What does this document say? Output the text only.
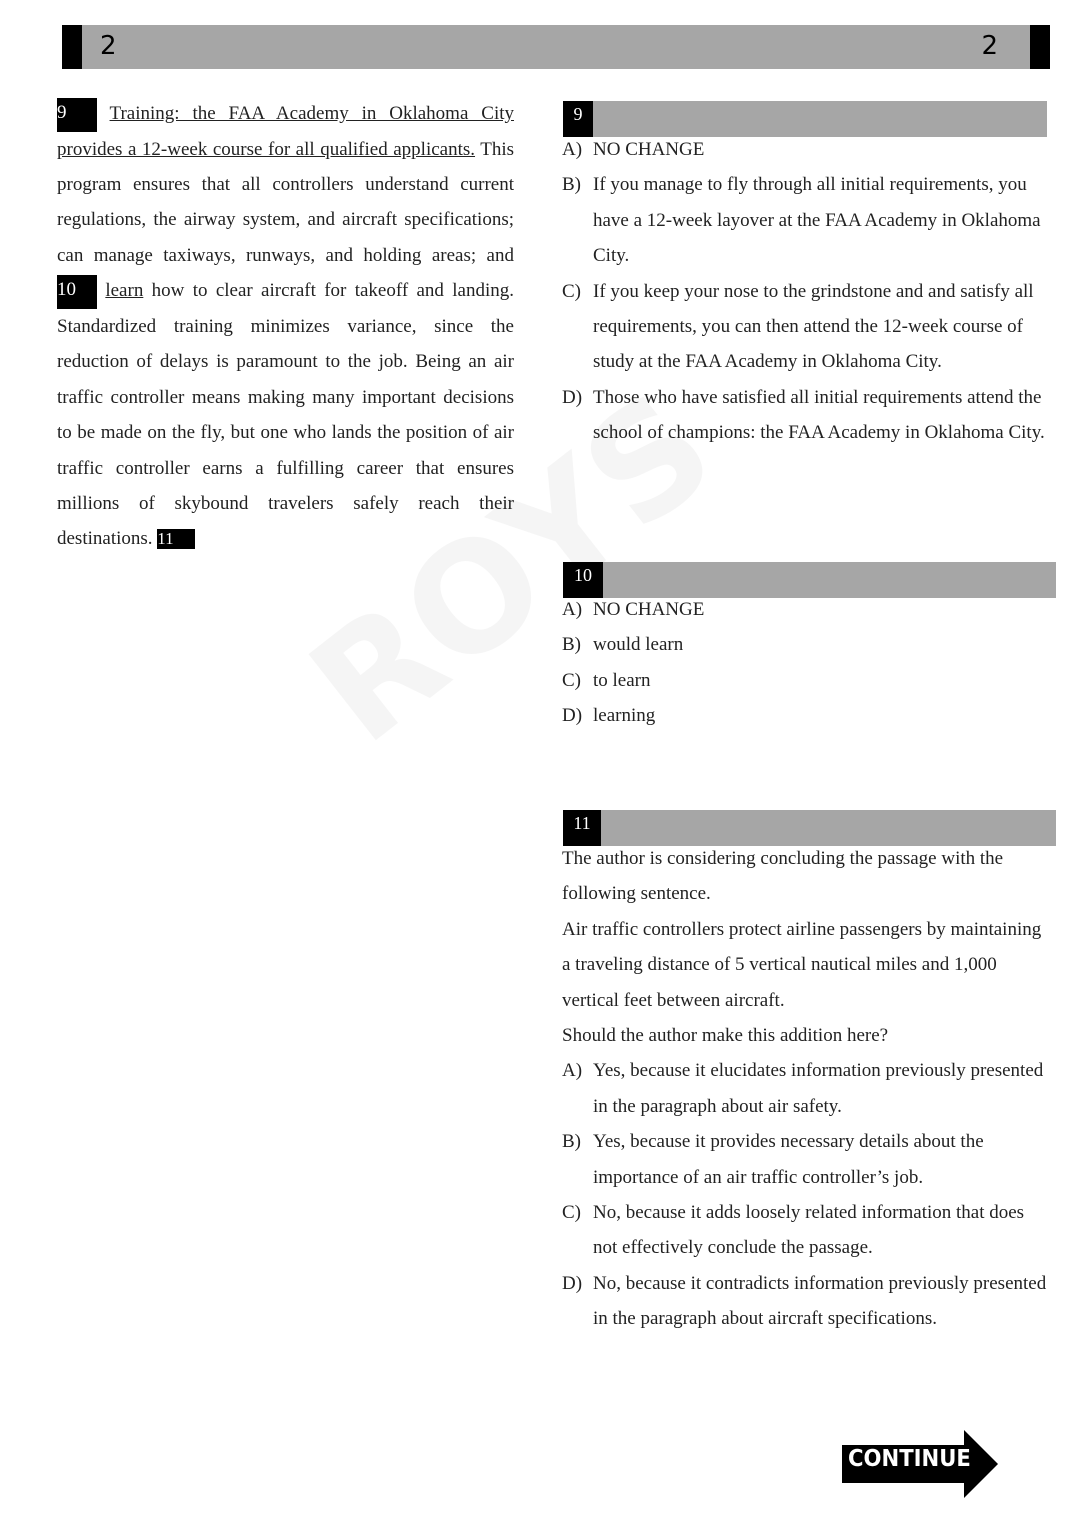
2	2
9 Training: the FAA Academy in Oklahoma City provides a 12-week course for all qualified applicants. This program ensures that all controllers understand current regulations, the airway system, and aircraft specifications; can manage taxiways, runways, and holding areas; and 10 learn how to clear aircraft for takeoff and landing. Standardized training minimizes variance, since the reduction of delays is paramount to the job. Being an air traffic controller means making many important decisions to be made on the fly, but one who lands the position of air traffic controller earns a fulfilling career that ensures millions of skybound travelers safely reach their destinations. 11
9
A) NO CHANGE
B) If you manage to fly through all initial requirements, you have a 12-week layover at the FAA Academy in Oklahoma City.
C) If you keep your nose to the grindstone and and satisfy all requirements, you can then attend the 12-week course of study at the FAA Academy in Oklahoma City.
D) Those who have satisfied all initial requirements attend the school of champions: the FAA Academy in Oklahoma City.
10
A) NO CHANGE
B) would learn
C) to learn
D) learning
11

The author is considering concluding the passage with the following sentence.

Air traffic controllers protect airline passengers by maintaining a traveling distance of 5 vertical nautical miles and 1,000 vertical feet between aircraft.

Should the author make this addition here?

A) Yes, because it elucidates information previously presented in the paragraph about air safety.
B) Yes, because it provides necessary details about the importance of an air traffic controller’s job.
C) No, because it adds loosely related information that does not effectively conclude the passage.
D) No, because it contradicts information previously presented in the paragraph about aircraft specifications.
CONTINUE
